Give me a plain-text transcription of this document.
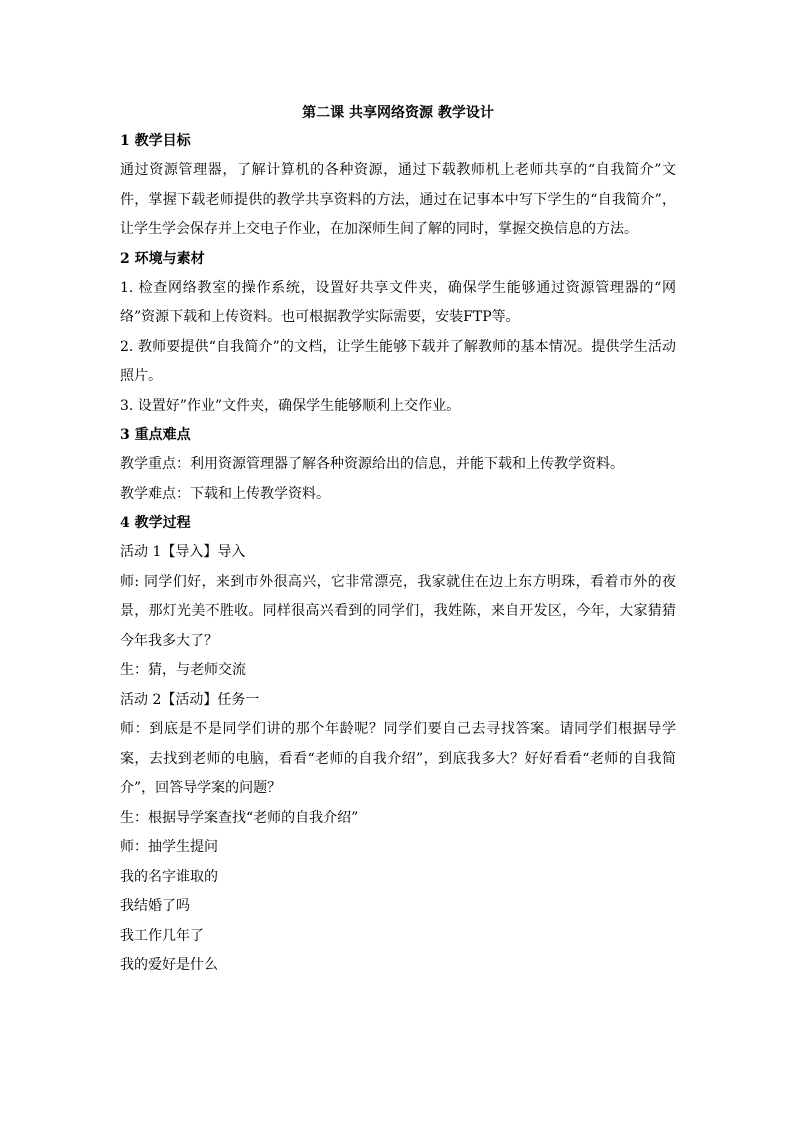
第二课 共享网络资源 教学设计
1 教学目标

通过资源管理器，了解计算机的各种资源，通过下载教师机上老师共享的“自我简介”文件，掌握下载老师提供的教学共享资料的方法，通过在记事本中写下学生的“自我简介”，让学生学会保存并上交电子作业，在加深师生间了解的同时，掌握交换信息的方法。

2 环境与素材

1. 检查网络教室的操作系统，设置好共享文件夹，确保学生能够通过资源管理器的“网络”资源下载和上传资料。也可根据教学实际需要，安装FTP等。

2. 教师要提供“自我简介”的文档，让学生能够下载并了解教师的基本情况。提供学生活动照片。

3. 设置好”作业”文件夹，确保学生能够顺利上交作业。

3 重点难点

教学重点：利用资源管理器了解各种资源给出的信息，并能下载和上传教学资料。

教学难点：下载和上传教学资料。

4 教学过程

活动 1【导入】导入

师: 同学们好，来到市外很高兴，它非常漂亮，我家就住在边上东方明珠，看着市外的夜景，那灯光美不胜收。同样很高兴看到的同学们，我姓陈，来自开发区，今年，大家猜猜今年我多大了？

生：猜，与老师交流

活动 2【活动】任务一

师：到底是不是同学们讲的那个年龄呢？同学们要自己去寻找答案。请同学们根据导学案，去找到老师的电脑，看看“老师的自我介绍”，到底我多大？好好看看“老师的自我简介”，回答导学案的问题？

生：根据导学案查找“老师的自我介绍”

师：抽学生提问

我的名字谁取的

我结婚了吗

我工作几年了

我的爱好是什么
